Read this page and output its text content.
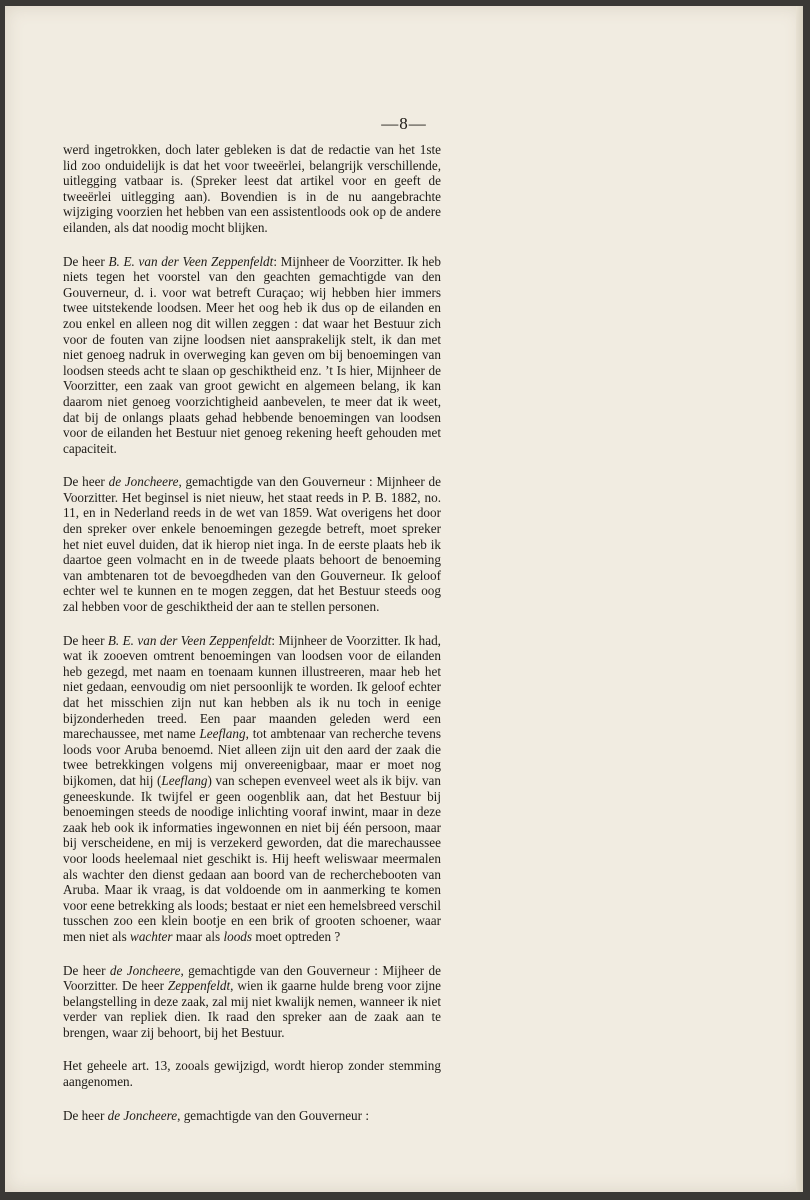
—8—

werd ingetrokken, doch later gebleken is dat de redactie van het 1ste lid zoo onduidelijk is dat het voor tweeërlei, belangrijk verschillende, uitlegging vatbaar is. (Spreker leest dat artikel voor en geeft de tweeërlei uitlegging aan). Bovendien is in de nu aangebrachte wijziging voorzien het hebben van een assistentloods ook op de andere eilanden, als dat noodig mocht blijken.

De heer B. E. van der Veen Zeppenfeldt: Mijnheer de Voorzitter. Ik heb niets tegen het voorstel van den geachten gemachtigde van den Gouverneur, d. i. voor wat betreft Curaçao; wij hebben hier immers twee uitstekende loodsen. Meer het oog heb ik dus op de eilanden en zou enkel en alleen nog dit willen zeggen : dat waar het Bestuur zich voor de fouten van zijne loodsen niet aansprakelijk stelt, ik dan met niet genoeg nadruk in overweging kan geven om bij benoemingen van loodsen steeds acht te slaan op geschiktheid enz. ’t Is hier, Mijnheer de Voorzitter, een zaak van groot gewicht en algemeen belang, ik kan daarom niet genoeg voorzichtigheid aanbevelen, te meer dat ik weet, dat bij de onlangs plaats gehad hebbende benoemingen van loodsen voor de eilanden het Bestuur niet genoeg rekening heeft gehouden met capaciteit.

De heer de Joncheere, gemachtigde van den Gouverneur : Mijnheer de Voorzitter. Het beginsel is niet nieuw, het staat reeds in P. B. 1882, no. 11, en in Nederland reeds in de wet van 1859. Wat overigens het door den spreker over enkele benoemingen gezegde betreft, moet spreker het niet euvel duiden, dat ik hierop niet inga. In de eerste plaats heb ik daartoe geen volmacht en in de tweede plaats behoort de benoeming van ambtenaren tot de bevoegdheden van den Gouverneur. Ik geloof echter wel te kunnen en te mogen zeggen, dat het Bestuur steeds oog zal hebben voor de geschiktheid der aan te stellen personen.

De heer B. E. van der Veen Zeppenfeldt: Mijnheer de Voorzitter. Ik had, wat ik zooeven omtrent benoemingen van loodsen voor de eilanden heb gezegd, met naam en toenaam kunnen illustreeren, maar heb het niet gedaan, eenvoudig om niet persoonlijk te worden. Ik geloof echter dat het misschien zijn nut kan hebben als ik nu toch in eenige bijzonderheden treed. Een paar maanden geleden werd een marechaussee, met name Leeflang, tot ambtenaar van recherche tevens loods voor Aruba benoemd. Niet alleen zijn uit den aard der zaak die twee betrekkingen volgens mij onvereenigbaar, maar er moet nog bijkomen, dat hij (Leeflang) van schepen evenveel weet als ik bijv. van geneeskunde. Ik twijfel er geen oogenblik aan, dat het Bestuur bij benoemingen steeds de noodige inlichting vooraf inwint, maar in deze zaak heb ook ik informaties ingewonnen en niet bij één persoon, maar bij verscheidene, en mij is verzekerd geworden, dat die marechaussee voor loods heelemaal niet geschikt is. Hij heeft weliswaar meermalen als wachter den dienst gedaan aan boord van de recherchebooten van Aruba. Maar ik vraag, is dat voldoende om in aanmerking te komen voor eene betrekking als loods; bestaat er niet een hemelsbreed verschil tusschen zoo een klein bootje en een brik of grooten schoener, waar men niet als wachter maar als loods moet optreden ?

De heer de Joncheere, gemachtigde van den Gouverneur : Mijheer de Voorzitter. De heer Zeppenfeldt, wien ik gaarne hulde breng voor zijne belangstelling in deze zaak, zal mij niet kwalijk nemen, wanneer ik niet verder van repliek dien. Ik raad den spreker aan de zaak aan te brengen, waar zij behoort, bij het Bestuur.

Het geheele art. 13, zooals gewijzigd, wordt hierop zonder stemming aangenomen.

De heer de Joncheere, gemachtigde van den Gouverneur :
